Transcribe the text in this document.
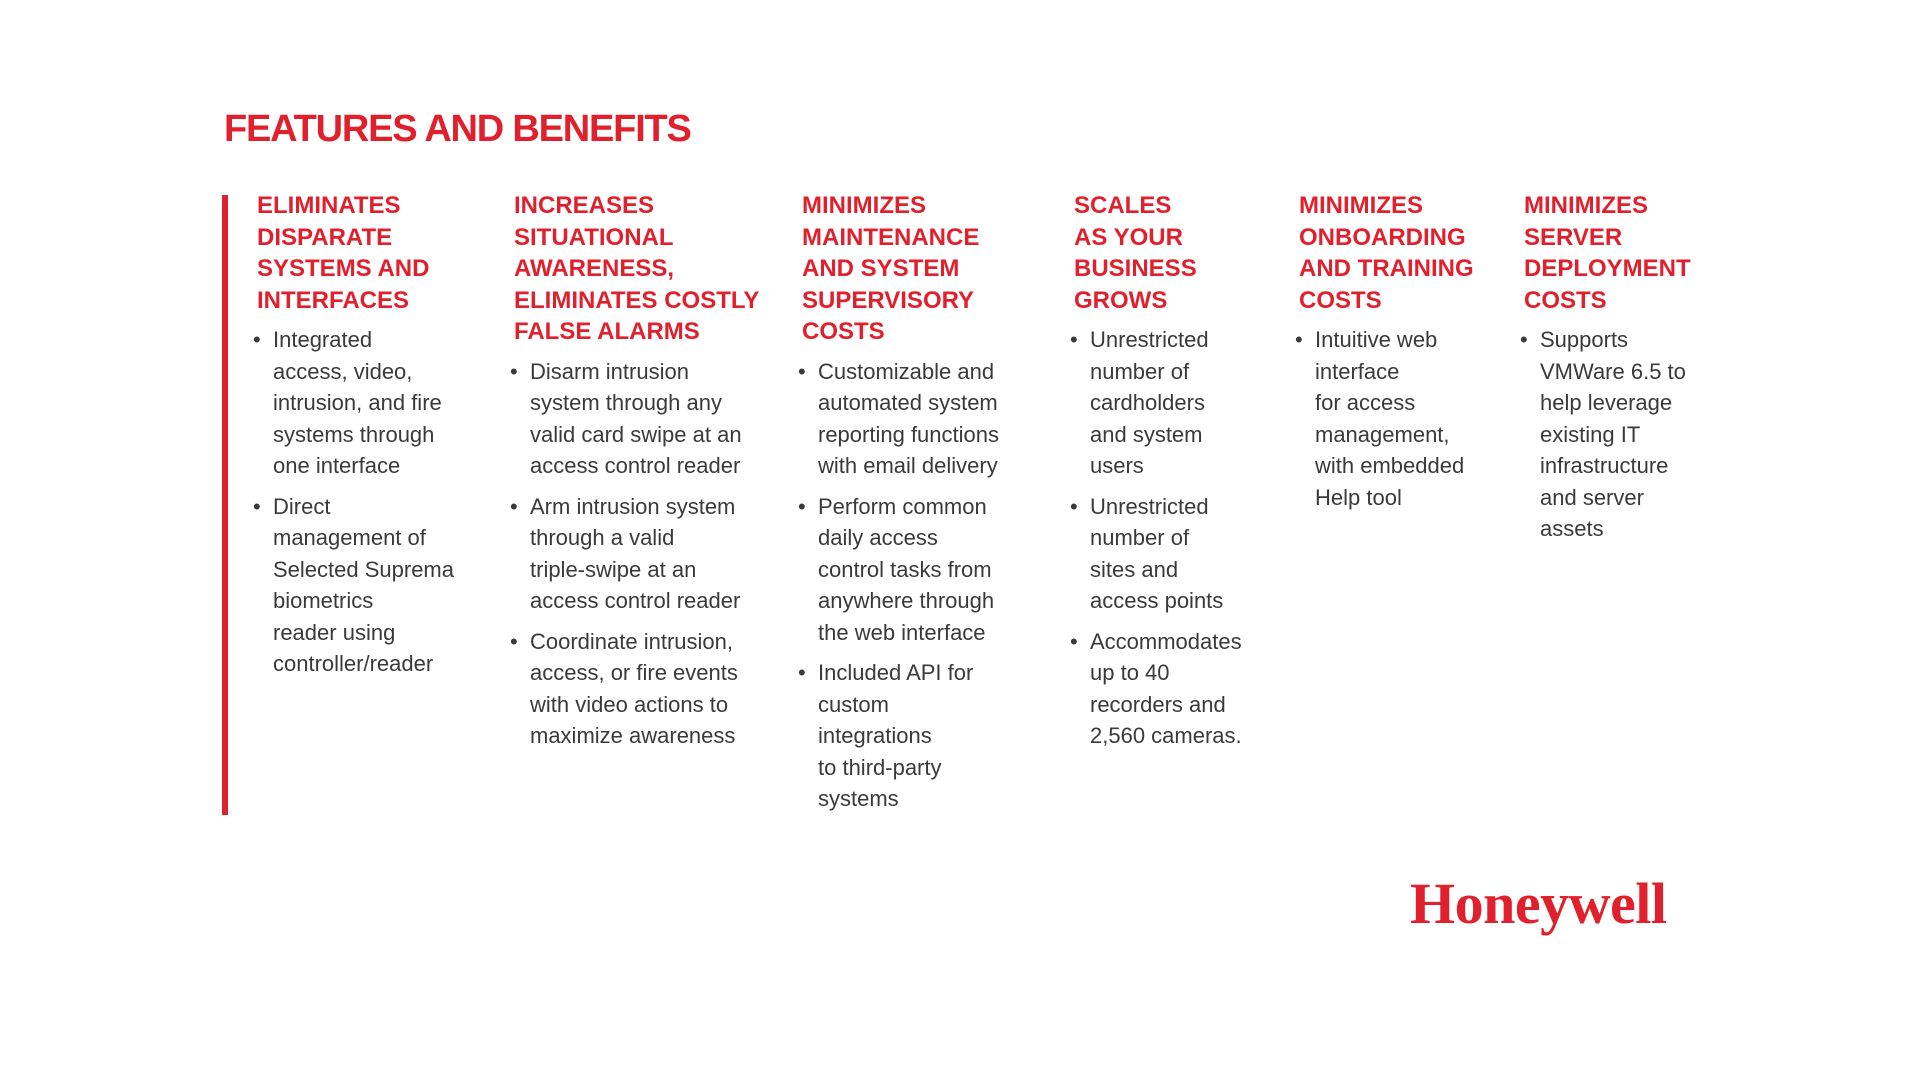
FEATURES AND BENEFITS
ELIMINATES
DISPARATE
SYSTEMS AND
INTERFACES
• Integrated
access, video,
intrusion, and fire
systems through
one interface
• Direct
management of
Selected Suprema
biometrics
reader using
controller/reader
INCREASES
SITUATIONAL
AWARENESS,
ELIMINATES COSTLY
FALSE ALARMS
• Disarm intrusion
system through any
valid card swipe at an
access control reader
• Arm intrusion system
through a valid
triple-swipe at an
access control reader
• Coordinate intrusion,
access, or fire events
with video actions to
maximize awareness
MINIMIZES
MAINTENANCE
AND SYSTEM
SUPERVISORY
COSTS
• Customizable and
automated system
reporting functions
with email delivery
• Perform common
daily access
control tasks from
anywhere through
the web interface
• Included API for
custom
integrations
to third-party
systems
SCALES
AS YOUR
BUSINESS
GROWS
• Unrestricted
number of
cardholders
and system
users
• Unrestricted
number of
sites and
access points
• Accommodates
up to 40
recorders and
2,560 cameras.
MINIMIZES
ONBOARDING
AND TRAINING
COSTS
• Intuitive web
interface
for access
management,
with embedded
Help tool
MINIMIZES
SERVER
DEPLOYMENT
COSTS
• Supports
VMWare 6.5 to
help leverage
existing IT
infrastructure
and server
assets
Honeywell
